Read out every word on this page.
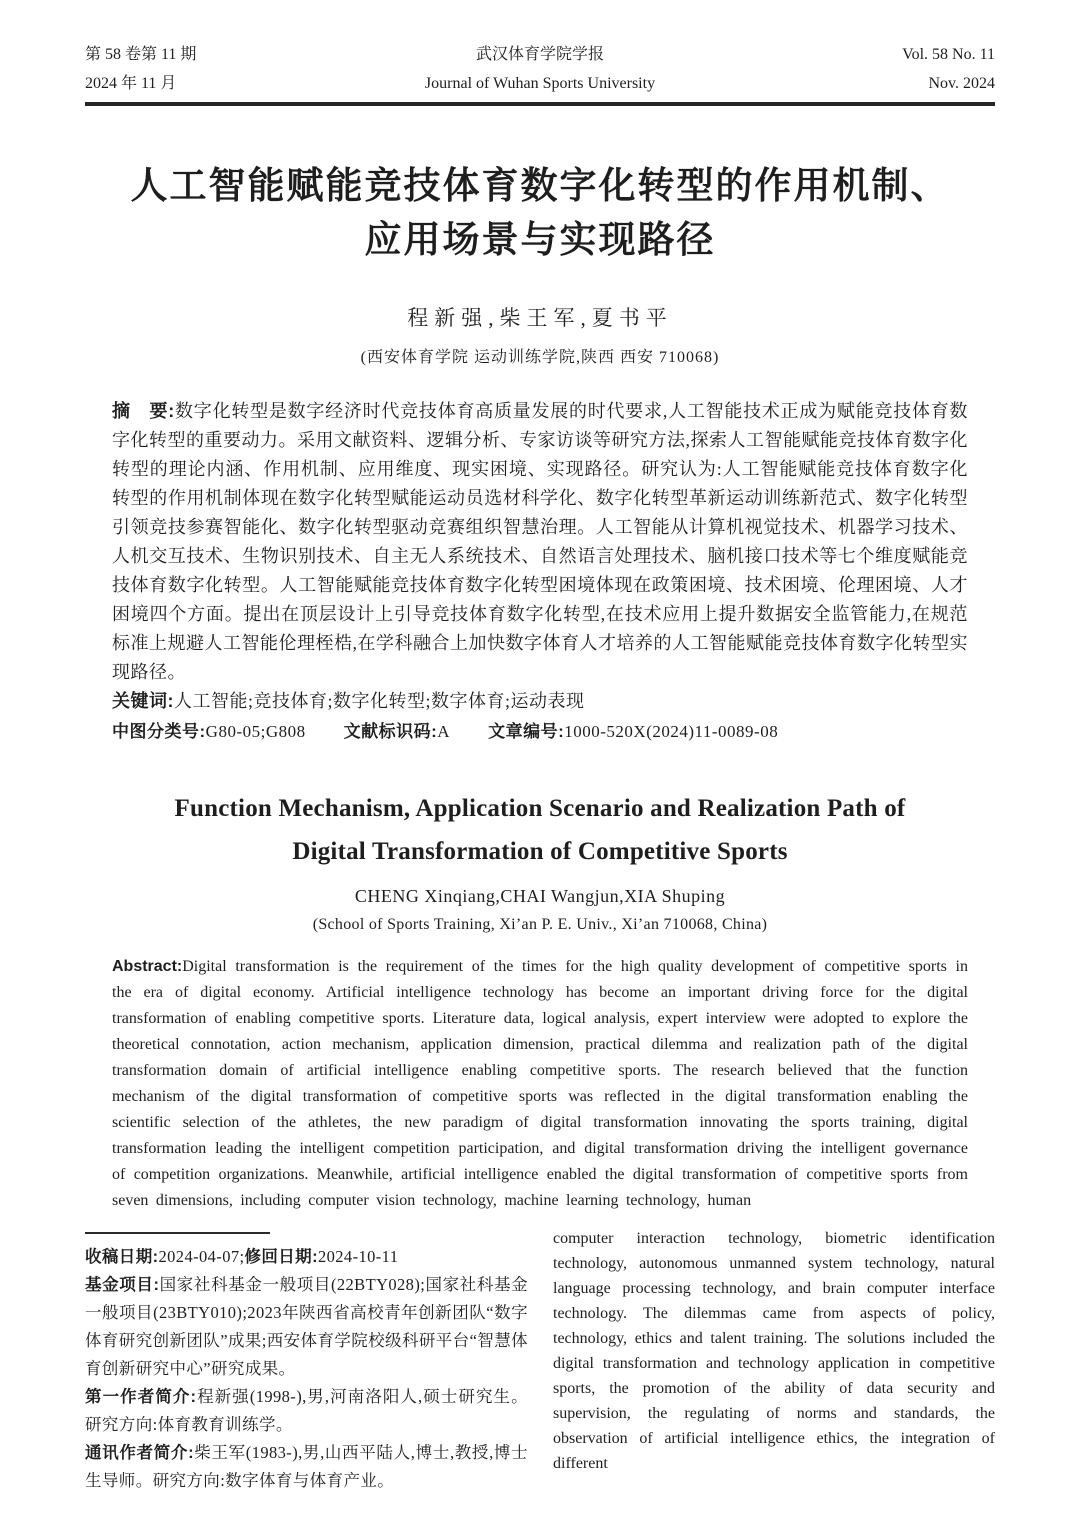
第 58 卷第 11 期
2024 年 11 月
武汉体育学院学报
Journal of Wuhan Sports University
Vol. 58 No. 11
Nov. 2024
人工智能赋能竞技体育数字化转型的作用机制、
应用场景与实现路径
程新强,柴王军,夏书平
(西安体育学院 运动训练学院,陕西 西安 710068)

摘　要:数字化转型是数字经济时代竞技体育高质量发展的时代要求,人工智能技术正成为赋能竞技体育数字化转型的重要动力。采用文献资料、逻辑分析、专家访谈等研究方法,探索人工智能赋能竞技体育数字化转型的理论内涵、作用机制、应用维度、现实困境、实现路径。研究认为:人工智能赋能竞技体育数字化转型的作用机制体现在数字化转型赋能运动员选材科学化、数字化转型革新运动训练新范式、数字化转型引领竞技参赛智能化、数字化转型驱动竞赛组织智慧治理。人工智能从计算机视觉技术、机器学习技术、人机交互技术、生物识别技术、自主无人系统技术、自然语言处理技术、脑机接口技术等七个维度赋能竞技体育数字化转型。人工智能赋能竞技体育数字化转型困境体现在政策困境、技术困境、伦理困境、人才困境四个方面。提出在顶层设计上引导竞技体育数字化转型,在技术应用上提升数据安全监管能力,在规范标准上规避人工智能伦理桎梏,在学科融合上加快数字体育人才培养的人工智能赋能竞技体育数字化转型实现路径。

关键词:人工智能;竞技体育;数字化转型;数字体育;运动表现

中图分类号:G80-05;G808 文献标识码:A 文章编号:1000-520X(2024)11-0089-08

Function Mechanism, Application Scenario and Realization Path of
Digital Transformation of Competitive Sports
CHENG Xinqiang,CHAI Wangjun,XIA Shuping
(School of Sports Training, Xi’an P. E. Univ., Xi’an 710068, China)

Abstract:Digital transformation is the requirement of the times for the high quality development of competitive sports in the era of digital economy. Artificial intelligence technology has become an important driving force for the digital transformation of enabling competitive sports. Literature data, logical analysis, expert interview were adopted to explore the theoretical connotation, action mechanism, application dimension, practical dilemma and realization path of the digital transformation domain of artificial intelligence enabling competitive sports. The research believed that the function mechanism of the digital transformation of competitive sports was reflected in the digital transformation enabling the scientific selection of the athletes, the new paradigm of digital transformation innovating the sports training, digital transformation leading the intelligent competition participation, and digital transformation driving the intelligent governance of competition organizations. Meanwhile, artificial intelligence enabled the digital transformation of competitive sports from seven dimensions, including computer vision technology, machine learning technology, human

收稿日期:2024-04-07;修回日期:2024-10-11

基金项目:国家社科基金一般项目(22BTY028);国家社科基金一般项目(23BTY010);2023年陕西省高校青年创新团队“数字体育研究创新团队”成果;西安体育学院校级科研平台“智慧体育创新研究中心”研究成果。

第一作者简介:程新强(1998-),男,河南洛阳人,硕士研究生。研究方向:体育教育训练学。

通讯作者简介:柴王军(1983-),男,山西平陆人,博士,教授,博士生导师。研究方向:数字体育与体育产业。

computer interaction technology, biometric identification technology, autonomous unmanned system technology, natural language processing technology, and brain computer interface technology. The dilemmas came from aspects of policy, technology, ethics and talent training. The solutions included the digital transformation and technology application in competitive sports, the promotion of the ability of data security and supervision, the regulating of norms and standards, the observation of artificial intelligence ethics, the integration of different
